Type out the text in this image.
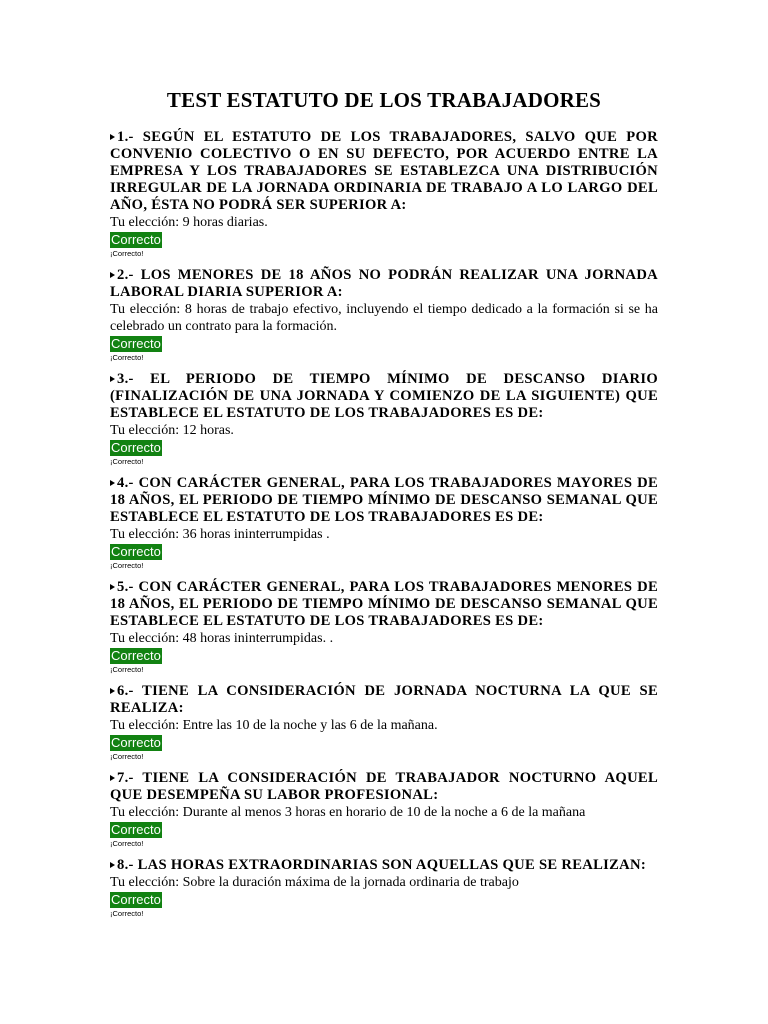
TEST ESTATUTO DE LOS TRABAJADORES
1.- SEGÚN EL ESTATUTO DE LOS TRABAJADORES, SALVO QUE POR CONVENIO COLECTIVO O EN SU DEFECTO, POR ACUERDO ENTRE LA EMPRESA Y LOS TRABAJADORES SE ESTABLEZCA UNA DISTRIBUCIÓN IRREGULAR DE LA JORNADA ORDINARIA DE TRABAJO A LO LARGO DEL AÑO, ÉSTA NO PODRÁ SER SUPERIOR A:
Tu elección: 9 horas diarias.
Correcto
¡Correcto!
2.- LOS MENORES DE 18 AÑOS NO PODRÁN REALIZAR UNA JORNADA LABORAL DIARIA SUPERIOR A:
Tu elección: 8 horas de trabajo efectivo, incluyendo el tiempo dedicado a la formación si se ha celebrado un contrato para la formación.
Correcto
¡Correcto!
3.- EL PERIODO DE TIEMPO MÍNIMO DE DESCANSO DIARIO (FINALIZACIÓN DE UNA JORNADA Y COMIENZO DE LA SIGUIENTE) QUE ESTABLECE EL ESTATUTO DE LOS TRABAJADORES ES DE:
Tu elección: 12 horas.
Correcto
¡Correcto!
4.- CON CARÁCTER GENERAL, PARA LOS TRABAJADORES MAYORES DE 18 AÑOS, EL PERIODO DE TIEMPO MÍNIMO DE DESCANSO SEMANAL QUE ESTABLECE EL ESTATUTO DE LOS TRABAJADORES ES DE:
Tu elección: 36 horas ininterrumpidas .
Correcto
¡Correcto!
5.- CON CARÁCTER GENERAL, PARA LOS TRABAJADORES MENORES DE 18 AÑOS, EL PERIODO DE TIEMPO MÍNIMO DE DESCANSO SEMANAL QUE ESTABLECE EL ESTATUTO DE LOS TRABAJADORES ES DE:
Tu elección: 48 horas ininterrumpidas. .
Correcto
¡Correcto!
6.- TIENE LA CONSIDERACIÓN DE JORNADA NOCTURNA LA QUE SE REALIZA:
Tu elección: Entre las 10 de la noche y las 6 de la mañana.
Correcto
¡Correcto!
7.- TIENE LA CONSIDERACIÓN DE TRABAJADOR NOCTURNO AQUEL QUE DESEMPEÑA SU LABOR PROFESIONAL:
Tu elección: Durante al menos 3 horas en horario de 10 de la noche a 6 de la mañana
Correcto
¡Correcto!
8.- LAS HORAS EXTRAORDINARIAS SON AQUELLAS QUE SE REALIZAN:
Tu elección: Sobre la duración máxima de la jornada ordinaria de trabajo
Correcto
¡Correcto!
